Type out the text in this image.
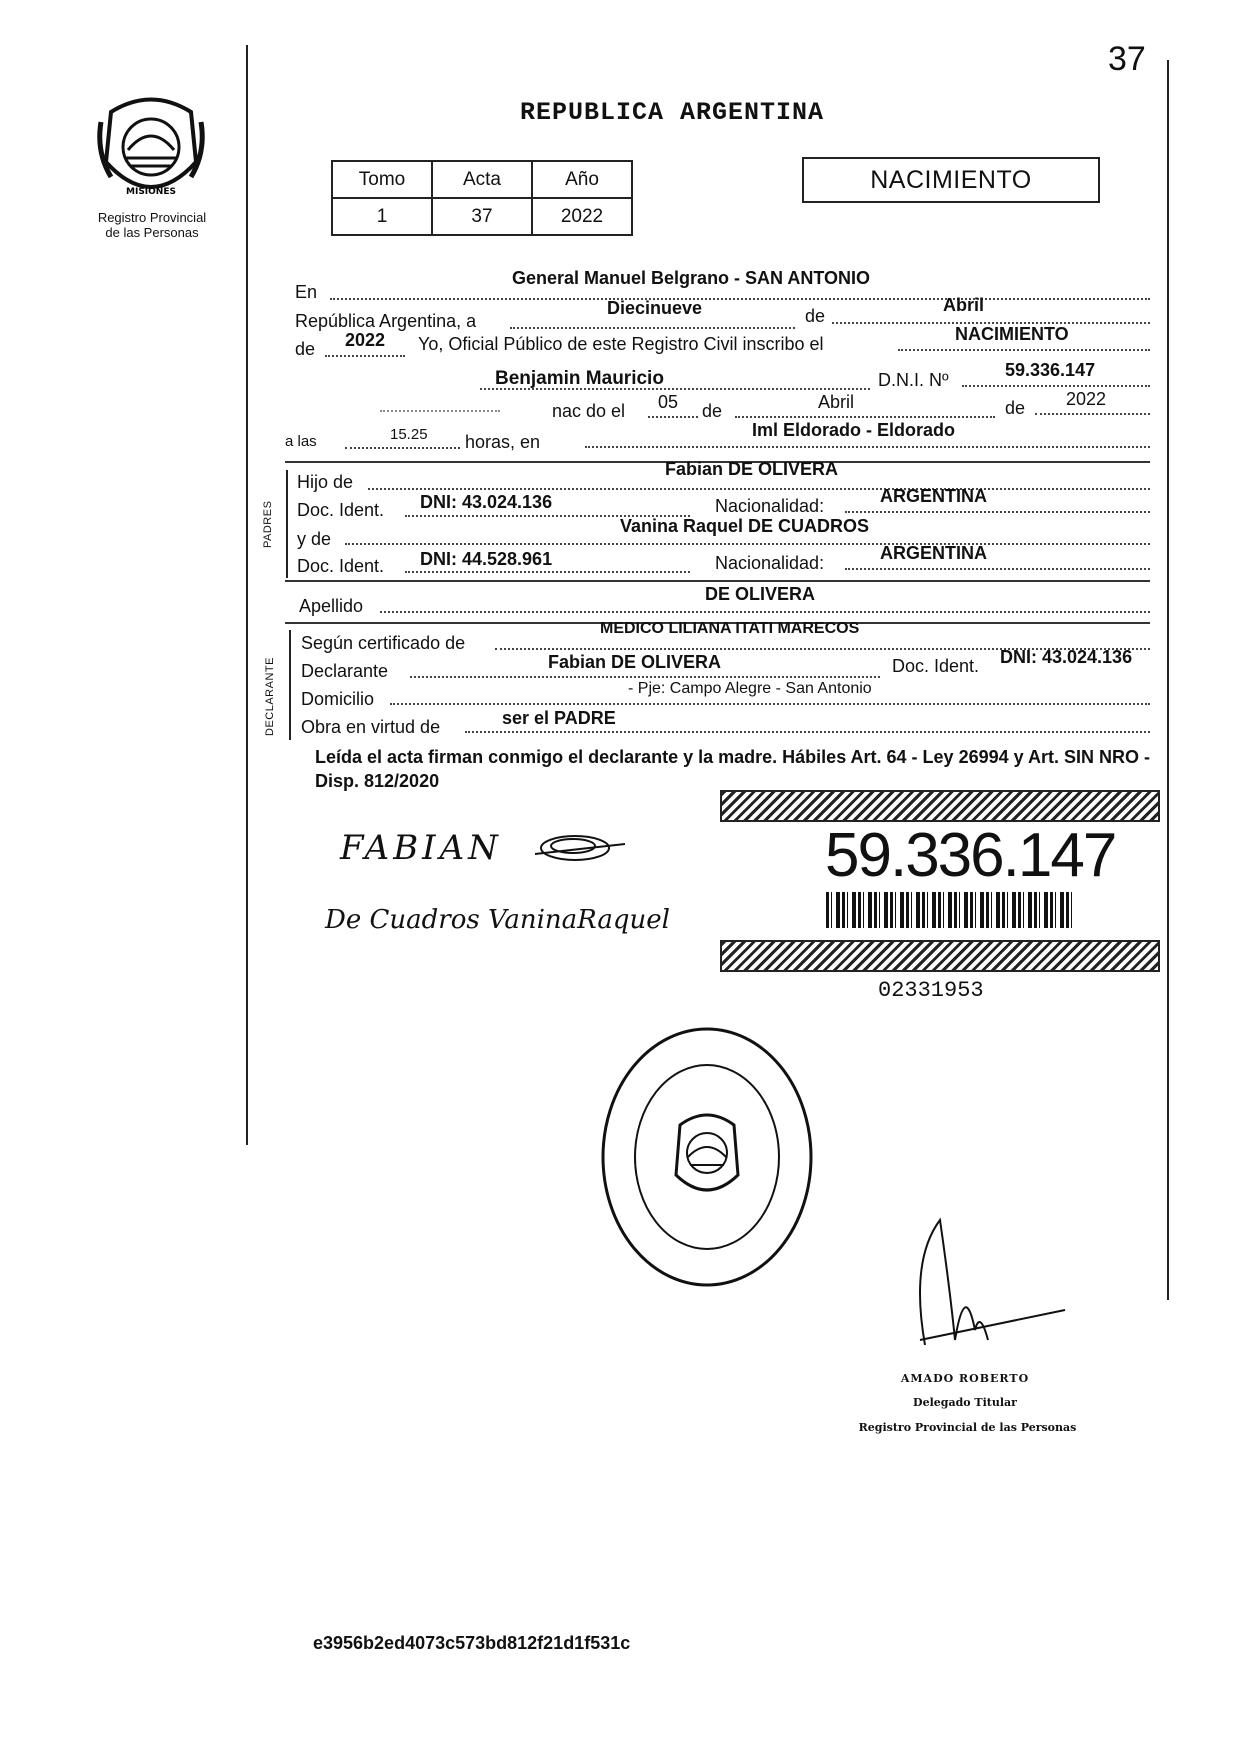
37
MISIONES
Registro Provincial
de las Personas
REPUBLICA ARGENTINA
Tomo	Acta	Año
1	37	2022
NACIMIENTO
En
General Manuel Belgrano - SAN ANTONIO
República Argentina, a
Diecinueve	de
Abril
de 2022 Yo, Oficial Público de este Registro Civil inscribo el	NACIMIENTO
Benjamin Mauricio	D.N.I. Nº	59.336.147
nac do el 05 de	Abril	de 2022
a las	15.25 horas, en
Iml Eldorado - Eldorado
PADRES
Hijo de
Fabian DE OLIVERA
Doc. Ident. DNI: 43.024.136	Nacionalidad:	ARGENTINA
y de
Vanina Raquel DE CUADROS
Doc. Ident. DNI: 44.528.961	Nacionalidad:	ARGENTINA
Apellido
DE OLIVERA
DECLARANTE
Según certificado de
MEDICO LILIANA ITATI MARECOS
Declarante	Fabian DE OLIVERA	Doc. Ident. DNI: 43.024.136
Domicilio
- Pje: Campo Alegre - San Antonio
Obra en virtud de	ser el PADRE
Leída el acta firman conmigo el declarante y la madre. Hábiles Art. 64 - Ley 26994 y Art. SIN NRO - Disp. 812/2020
FABIAN
De Cuadros VaninaRaquel
59.336.147
02331953
AMADO ROBERTO
Delegado Titular
Registro Provincial de las Personas
e3956b2ed4073c573bd812f21d1f531c
